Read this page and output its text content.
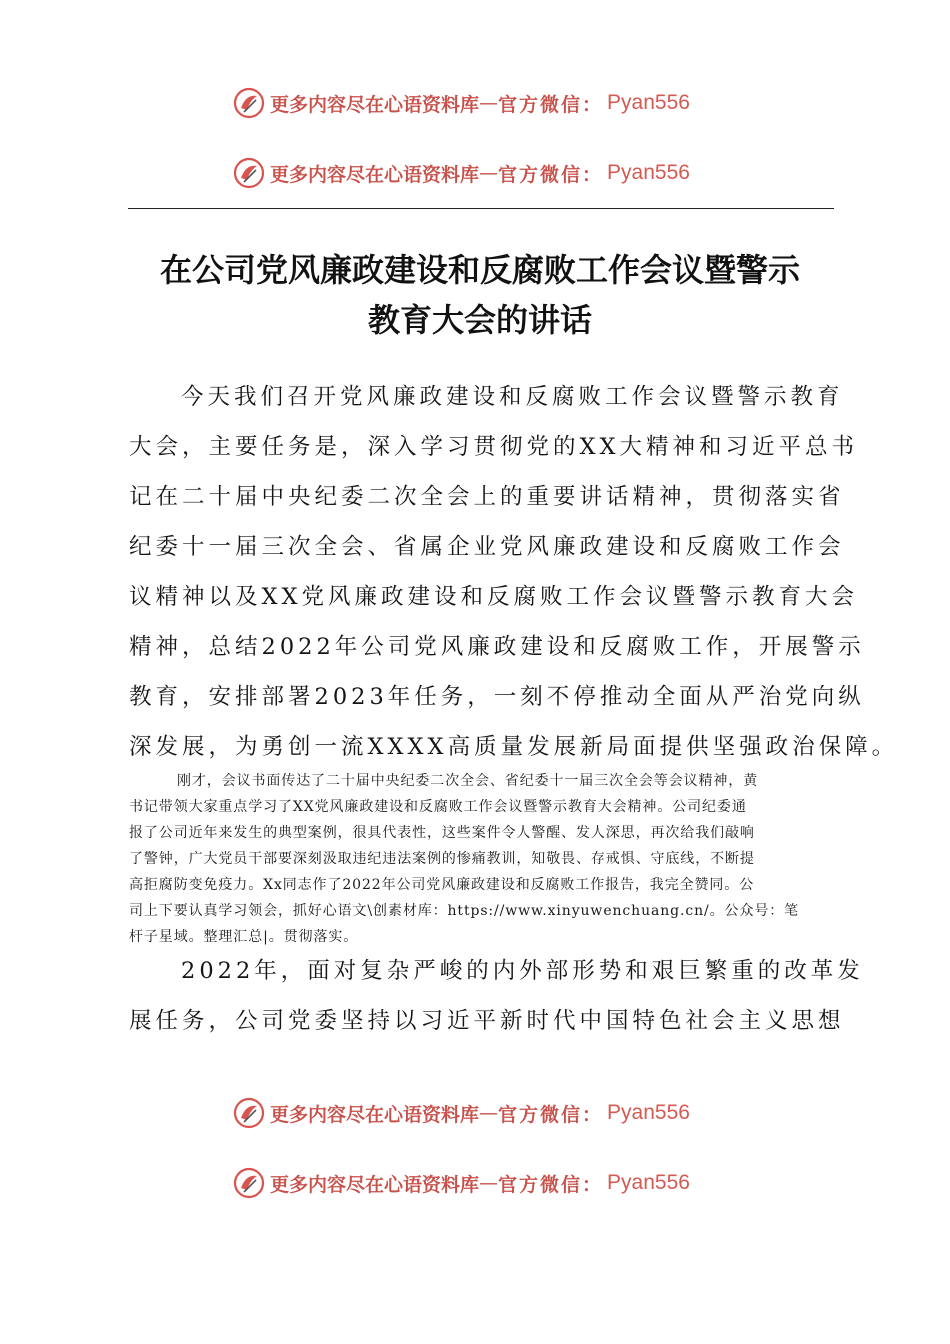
更多内容尽在心语资料库 — 官方微信： Pyan556
更多内容尽在心语资料库 — 官方微信： Pyan556
在公司党风廉政建设和反腐败工作会议暨警示
教育大会的讲话
今天我们召开党风廉政建设和反腐败工作会议暨警示教育
大会，主要任务是，深入学习贯彻党的XX大精神和习近平总书
记在二十届中央纪委二次全会上的重要讲话精神，贯彻落实省
纪委十一届三次全会、省属企业党风廉政建设和反腐败工作会
议精神以及XX党风廉政建设和反腐败工作会议暨警示教育大会
精神，总结2022年公司党风廉政建设和反腐败工作，开展警示
教育，安排部署2023年任务，一刻不停推动全面从严治党向纵
深发展，为勇创一流XXXX高质量发展新局面提供坚强政治保障。
刚才，会议书面传达了二十届中央纪委二次全会、省纪委十一届三次全会等会议精神，黄
书记带领大家重点学习了XX党风廉政建设和反腐败工作会议暨警示教育大会精神。公司纪委通
报了公司近年来发生的典型案例，很具代表性，这些案件令人警醒、发人深思，再次给我们敲响
了警钟，广大党员干部要深刻汲取违纪违法案例的惨痛教训，知敬畏、存戒惧、守底线，不断提
高拒腐防变免疫力。Xx同志作了2022年公司党风廉政建设和反腐败工作报告，我完全赞同。公
司上下要认真学习领会，抓好心语文\创素材库：https://www.xinyuwenchuang.cn/。公众号：笔
杆子星域。整理汇总|。贯彻落实。
2022年，面对复杂严峻的内外部形势和艰巨繁重的改革发
展任务，公司党委坚持以习近平新时代中国特色社会主义思想
更多内容尽在心语资料库 — 官方微信： Pyan556
更多内容尽在心语资料库 — 官方微信： Pyan556
